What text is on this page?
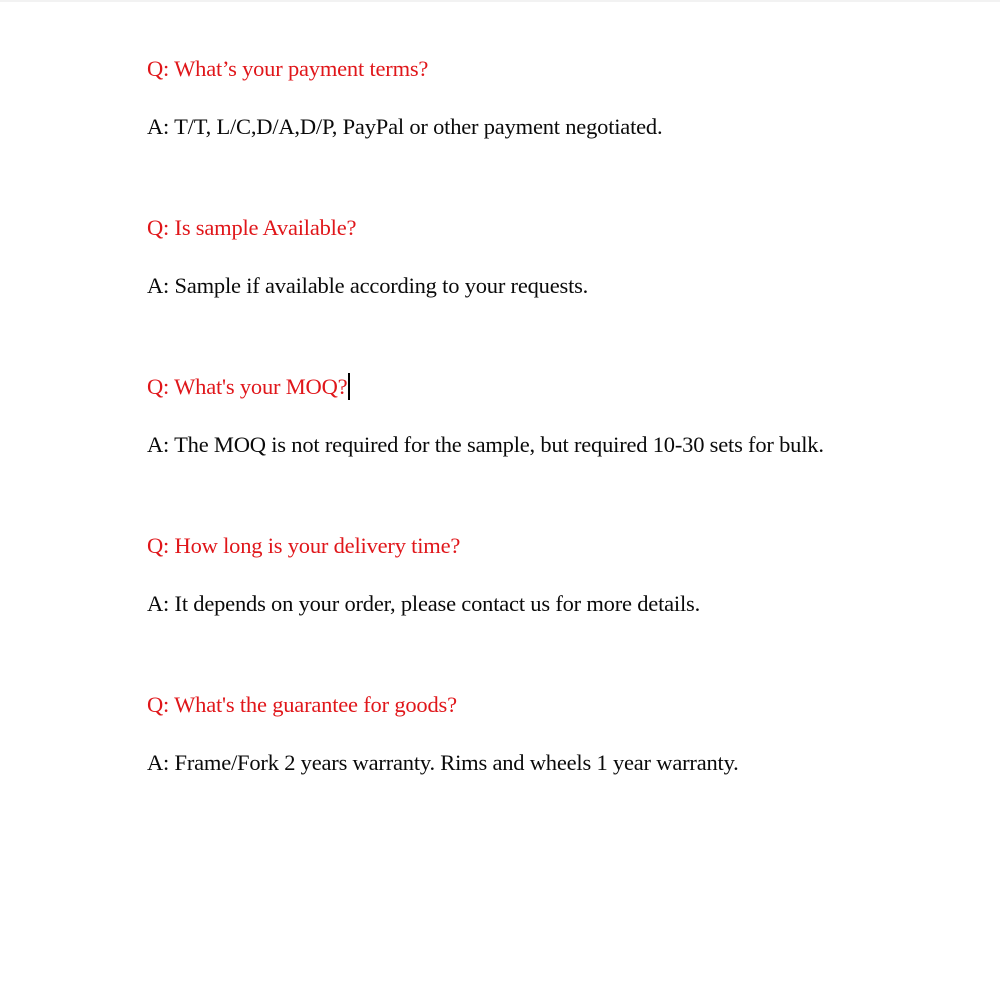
Q: What’s your payment terms?
A: T/T, L/C,D/A,D/P, PayPal or other payment negotiated.
Q: Is sample Available?
A: Sample if available according to your requests.
Q: What's your MOQ?
A: The MOQ is not required for the sample, but required 10-30 sets for bulk.
Q: How long is your delivery time?
A: It depends on your order, please contact us for more details.
Q: What's the guarantee for goods?
A: Frame/Fork 2 years warranty. Rims and wheels 1 year warranty.
